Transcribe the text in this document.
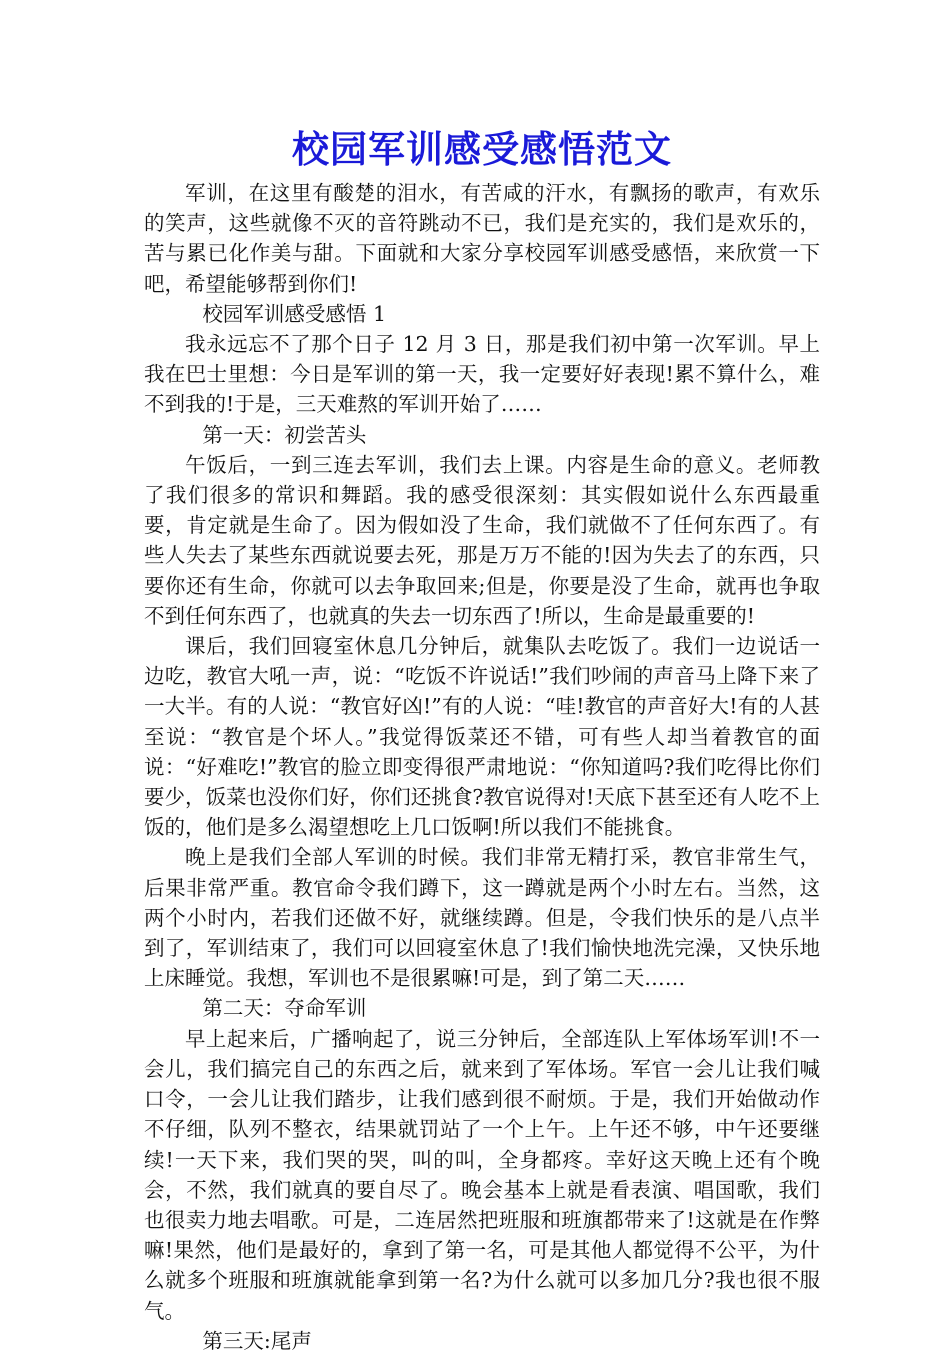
校园军训感受感悟范文

军训，在这里有酸楚的泪水，有苦咸的汗水，有飘扬的歌声，有欢乐的笑声，这些就像不灭的音符跳动不已，我们是充实的，我们是欢乐的，苦与累已化作美与甜。下面就和大家分享校园军训感受感悟，来欣赏一下吧，希望能够帮到你们!

校园军训感受感悟 1

我永远忘不了那个日子 12 月 3 日，那是我们初中第一次军训。早上我在巴士里想：今日是军训的第一天，我一定要好好表现!累不算什么，难不到我的!于是，三天难熬的军训开始了……

第一天：初尝苦头

午饭后，一到三连去军训，我们去上课。内容是生命的意义。老师教了我们很多的常识和舞蹈。我的感受很深刻：其实假如说什么东西最重要，肯定就是生命了。因为假如没了生命，我们就做不了任何东西了。有些人失去了某些东西就说要去死，那是万万不能的!因为失去了的东西，只要你还有生命，你就可以去争取回来;但是，你要是没了生命，就再也争取不到任何东西了，也就真的失去一切东西了!所以，生命是最重要的!

课后，我们回寝室休息几分钟后，就集队去吃饭了。我们一边说话一边吃，教官大吼一声，说：“吃饭不许说话!”我们吵闹的声音马上降下来了一大半。有的人说：“教官好凶!”有的人说：“哇!教官的声音好大!有的人甚至说：“教官是个坏人。”我觉得饭菜还不错，可有些人却当着教官的面说：“好难吃!”教官的脸立即变得很严肃地说：“你知道吗?我们吃得比你们要少，饭菜也没你们好，你们还挑食?教官说得对!天底下甚至还有人吃不上饭的，他们是多么渴望想吃上几口饭啊!所以我们不能挑食。

晚上是我们全部人军训的时候。我们非常无精打采，教官非常生气，后果非常严重。教官命令我们蹲下，这一蹲就是两个小时左右。当然，这两个小时内，若我们还做不好，就继续蹲。但是，令我们快乐的是八点半到了，军训结束了，我们可以回寝室休息了!我们愉快地洗完澡，又快乐地上床睡觉。我想，军训也不是很累嘛!可是，到了第二天……

第二天：夺命军训

早上起来后，广播响起了，说三分钟后，全部连队上军体场军训!不一会儿，我们搞完自己的东西之后，就来到了军体场。军官一会儿让我们喊口令，一会儿让我们踏步，让我们感到很不耐烦。于是，我们开始做动作不仔细，队列不整衣，结果就罚站了一个上午。上午还不够，中午还要继续!一天下来，我们哭的哭，叫的叫，全身都疼。幸好这天晚上还有个晚会，不然，我们就真的要自尽了。晚会基本上就是看表演、唱国歌，我们也很卖力地去唱歌。可是，二连居然把班服和班旗都带来了!这就是在作弊嘛!果然，他们是最好的，拿到了第一名，可是其他人都觉得不公平，为什么就多个班服和班旗就能拿到第一名?为什么就可以多加几分?我也很不服气。

第三天:尾声
